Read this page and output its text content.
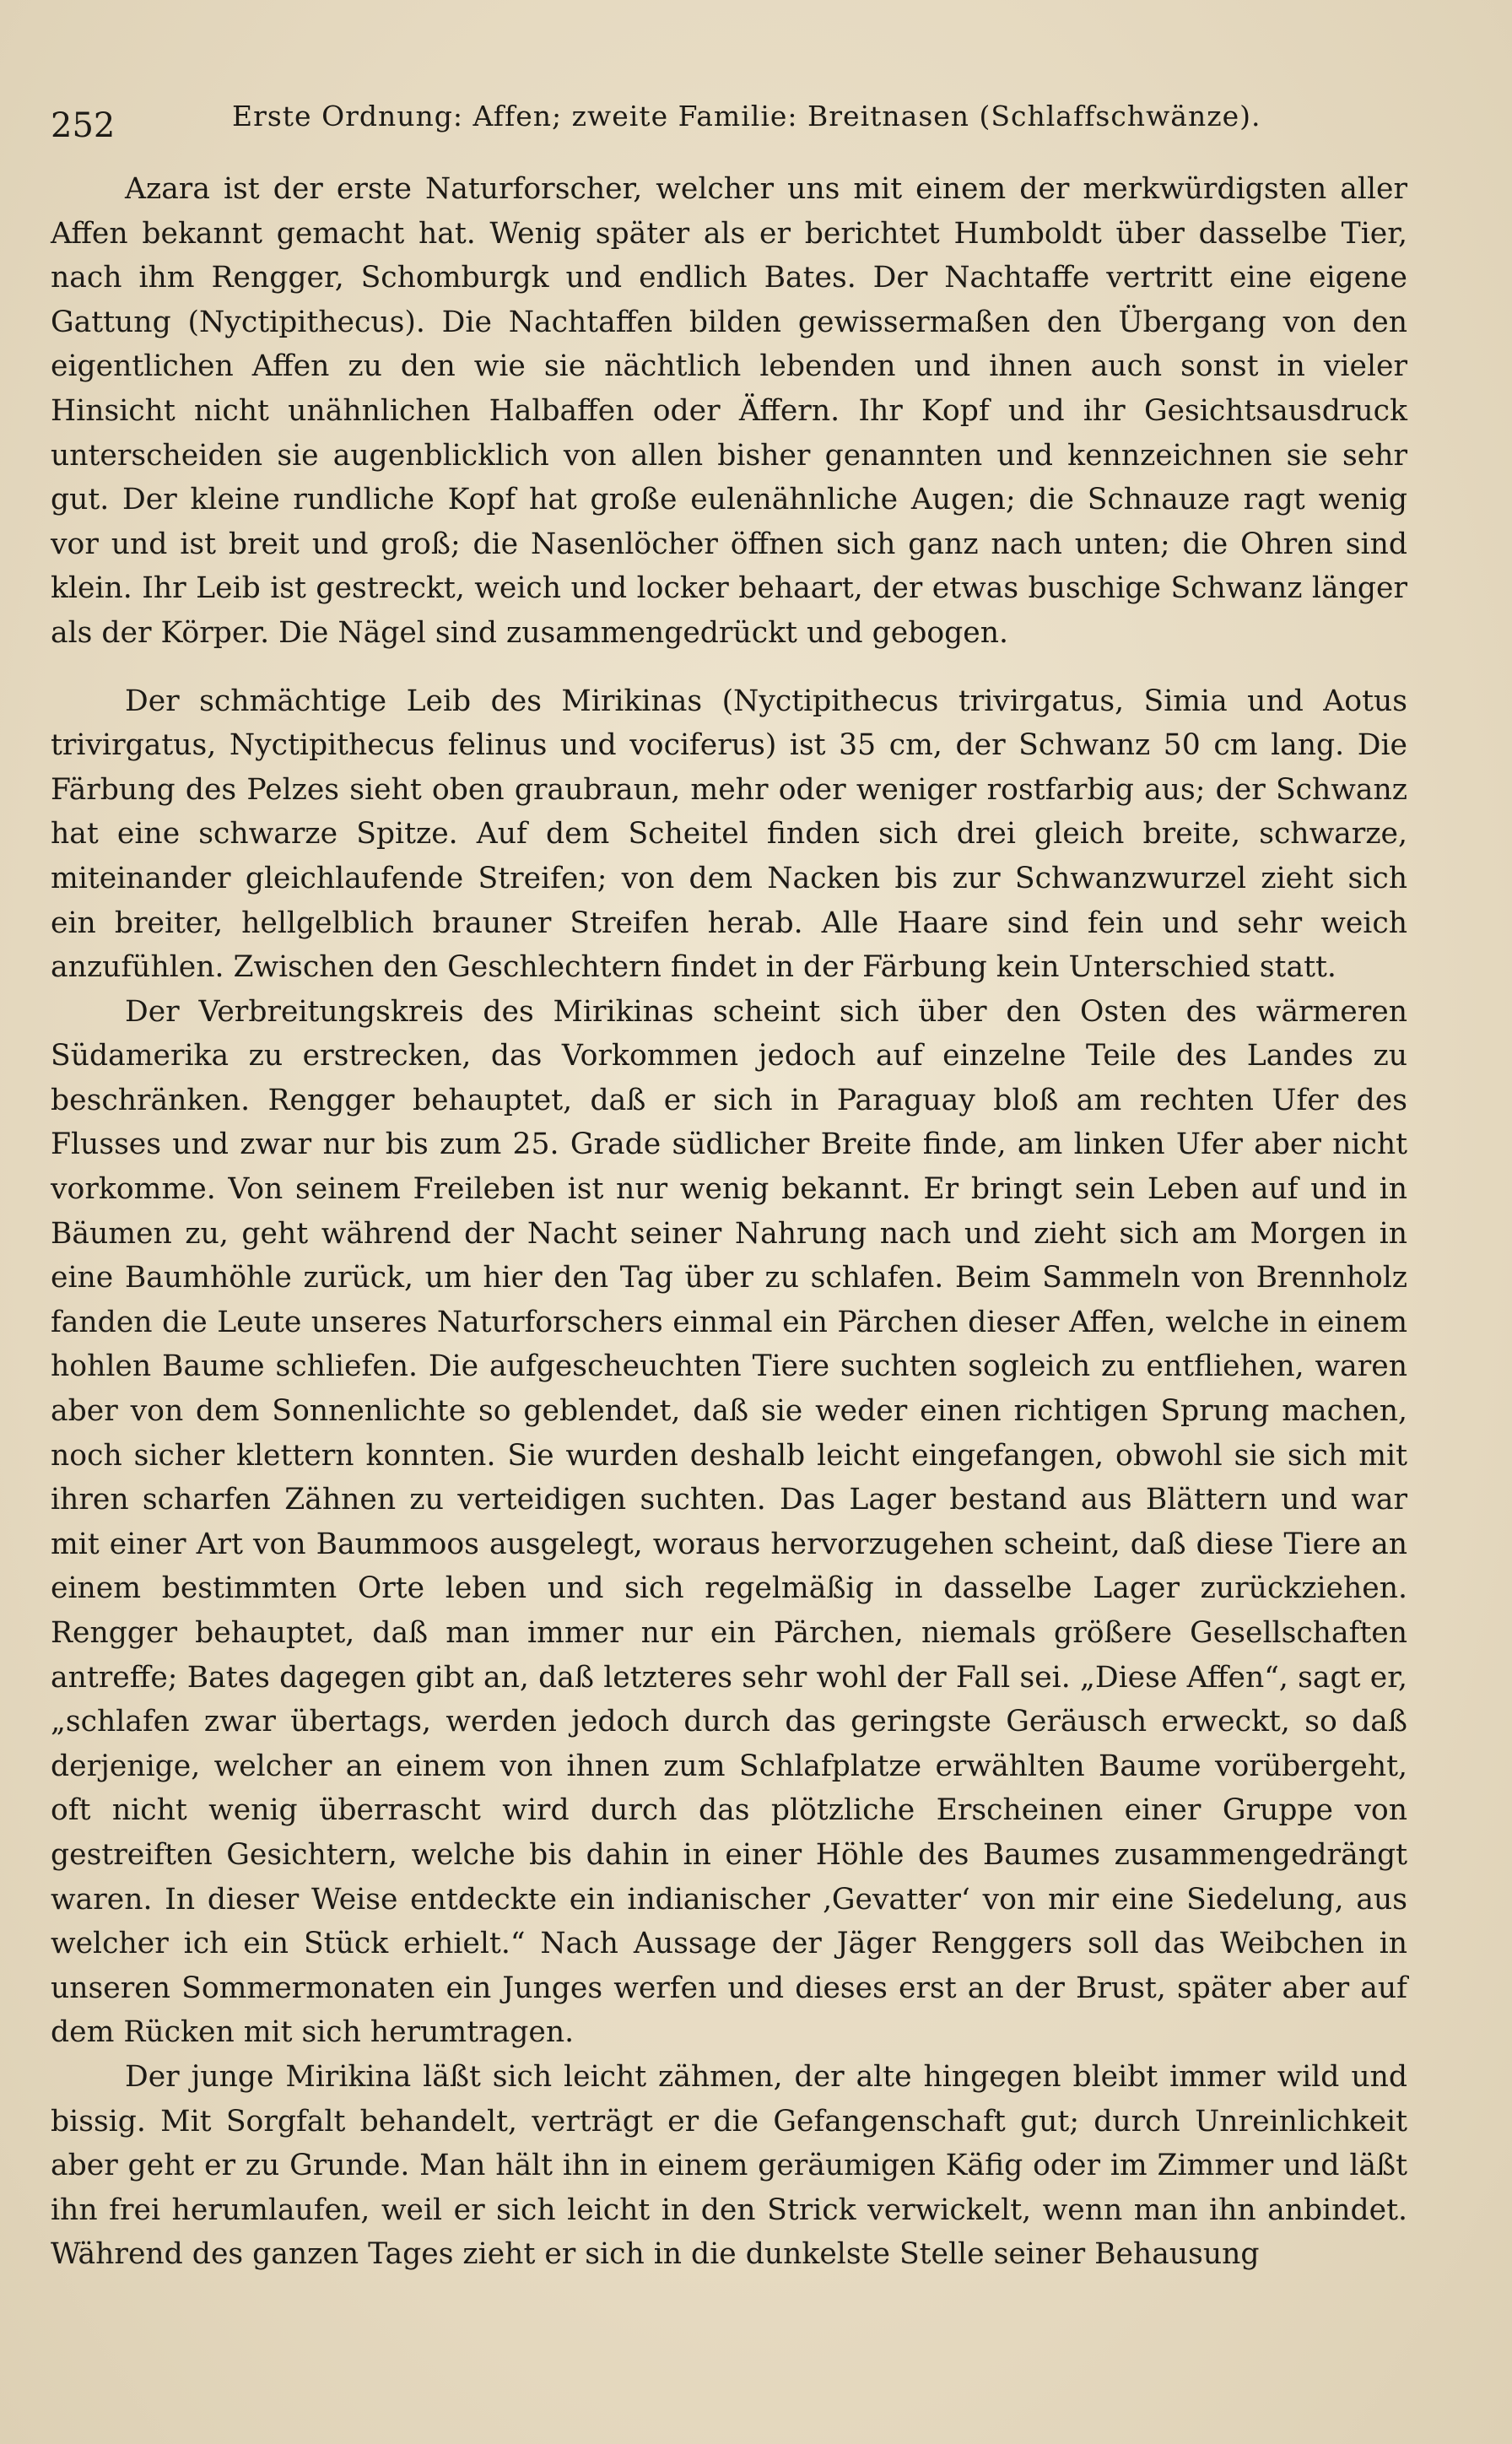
252	Erste Ordnung: Affen; zweite Familie: Breitnasen (Schlaffschwänze).

Azara ist der erste Naturforscher, welcher uns mit einem der merkwürdigsten aller Affen bekannt gemacht hat. Wenig später als er berichtet Humboldt über dasselbe Tier, nach ihm Rengger, Schomburgk und endlich Bates. Der Nachtaffe vertritt eine eigene Gattung (Nyctipithecus). Die Nachtaffen bilden gewissermaßen den Übergang von den eigentlichen Affen zu den wie sie nächtlich lebenden und ihnen auch sonst in vieler Hinsicht nicht unähnlichen Halbaffen oder Äffern. Ihr Kopf und ihr Gesichtsausdruck unterscheiden sie augenblicklich von allen bisher genannten und kennzeichnen sie sehr gut. Der kleine rundliche Kopf hat große eulenähnliche Augen; die Schnauze ragt wenig vor und ist breit und groß; die Nasenlöcher öffnen sich ganz nach unten; die Ohren sind klein. Ihr Leib ist gestreckt, weich und locker behaart, der etwas buschige Schwanz länger als der Körper. Die Nägel sind zusammengedrückt und gebogen.

Der schmächtige Leib des Mirikinas (Nyctipithecus trivirgatus, Simia und Aotus trivirgatus, Nyctipithecus felinus und vociferus) ist 35 cm, der Schwanz 50 cm lang. Die Färbung des Pelzes sieht oben graubraun, mehr oder weniger rostfarbig aus; der Schwanz hat eine schwarze Spitze. Auf dem Scheitel finden sich drei gleich breite, schwarze, miteinander gleichlaufende Streifen; von dem Nacken bis zur Schwanzwurzel zieht sich ein breiter, hellgelblich brauner Streifen herab. Alle Haare sind fein und sehr weich anzufühlen. Zwischen den Geschlechtern findet in der Färbung kein Unterschied statt.

Der Verbreitungskreis des Mirikinas scheint sich über den Osten des wärmeren Südamerika zu erstrecken, das Vorkommen jedoch auf einzelne Teile des Landes zu beschränken. Rengger behauptet, daß er sich in Paraguay bloß am rechten Ufer des Flusses und zwar nur bis zum 25. Grade südlicher Breite finde, am linken Ufer aber nicht vorkomme. Von seinem Freileben ist nur wenig bekannt. Er bringt sein Leben auf und in Bäumen zu, geht während der Nacht seiner Nahrung nach und zieht sich am Morgen in eine Baumhöhle zurück, um hier den Tag über zu schlafen. Beim Sammeln von Brennholz fanden die Leute unseres Naturforschers einmal ein Pärchen dieser Affen, welche in einem hohlen Baume schliefen. Die aufgescheuchten Tiere suchten sogleich zu entfliehen, waren aber von dem Sonnenlichte so geblendet, daß sie weder einen richtigen Sprung machen, noch sicher klettern konnten. Sie wurden deshalb leicht eingefangen, obwohl sie sich mit ihren scharfen Zähnen zu verteidigen suchten. Das Lager bestand aus Blättern und war mit einer Art von Baummoos ausgelegt, woraus hervorzugehen scheint, daß diese Tiere an einem bestimmten Orte leben und sich regelmäßig in dasselbe Lager zurückziehen. Rengger behauptet, daß man immer nur ein Pärchen, niemals größere Gesellschaften antreffe; Bates dagegen gibt an, daß letzteres sehr wohl der Fall sei. „Diese Affen“, sagt er, „schlafen zwar übertags, werden jedoch durch das geringste Geräusch erweckt, so daß derjenige, welcher an einem von ihnen zum Schlafplatze erwählten Baume vorübergeht, oft nicht wenig überrascht wird durch das plötzliche Erscheinen einer Gruppe von gestreiften Gesichtern, welche bis dahin in einer Höhle des Baumes zusammengedrängt waren. In dieser Weise entdeckte ein indianischer ‚Gevatter‘ von mir eine Siedelung, aus welcher ich ein Stück erhielt.“ Nach Aussage der Jäger Renggers soll das Weibchen in unseren Sommermonaten ein Junges werfen und dieses erst an der Brust, später aber auf dem Rücken mit sich herumtragen.

Der junge Mirikina läßt sich leicht zähmen, der alte hingegen bleibt immer wild und bissig. Mit Sorgfalt behandelt, verträgt er die Gefangenschaft gut; durch Unreinlichkeit aber geht er zu Grunde. Man hält ihn in einem geräumigen Käfig oder im Zimmer und läßt ihn frei herumlaufen, weil er sich leicht in den Strick verwickelt, wenn man ihn anbindet. Während des ganzen Tages zieht er sich in die dunkelste Stelle seiner Behausung
